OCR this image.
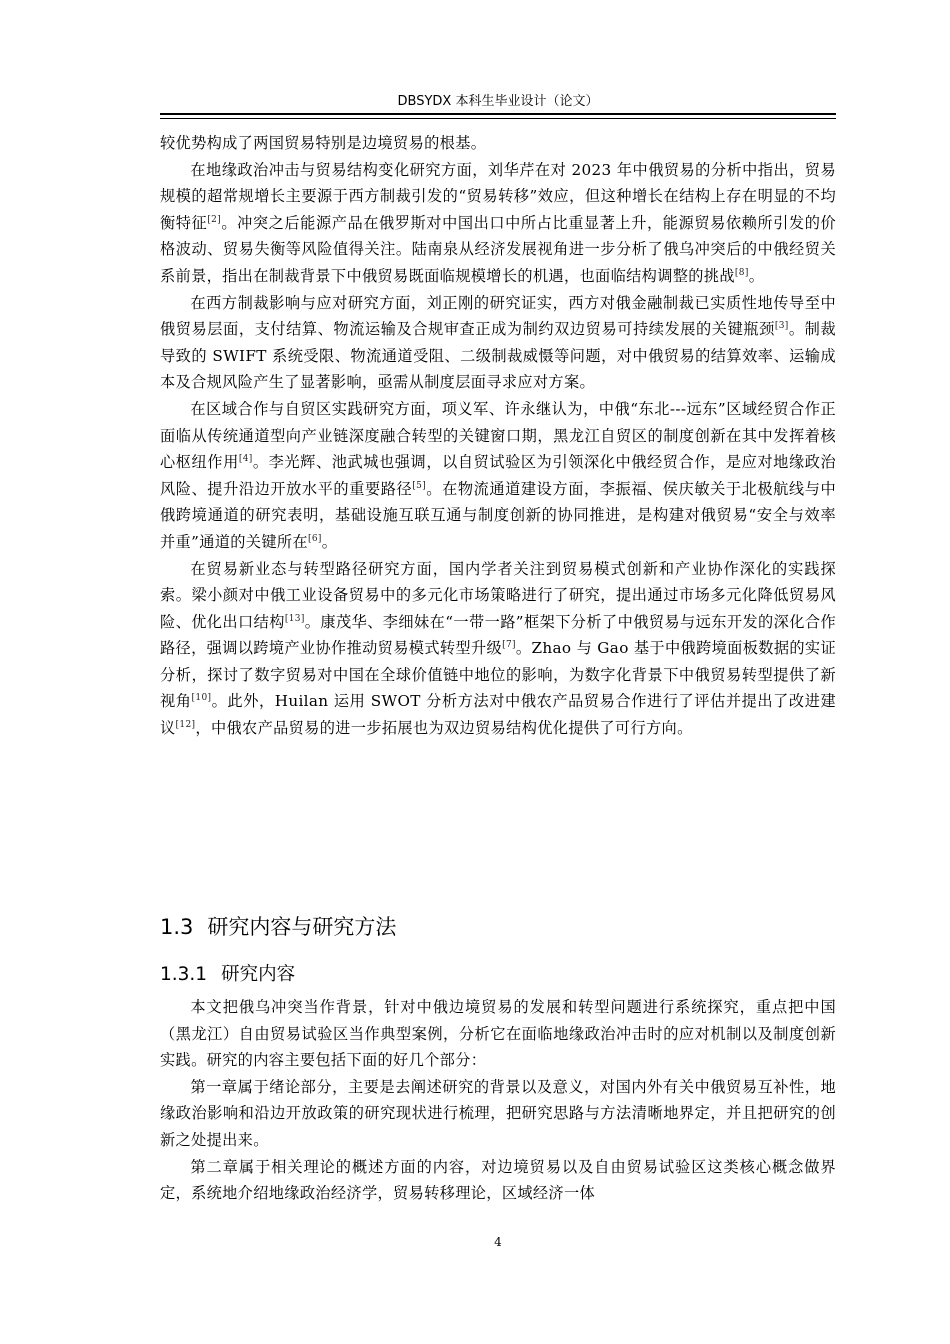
DBSYDX 本科生毕业设计（论文）

较优势构成了两国贸易特别是边境贸易的根基。

在地缘政治冲击与贸易结构变化研究方面，刘华芹在对 2023 年中俄贸易的分析中指出，贸易规模的超常规增长主要源于西方制裁引发的“贸易转移”效应，但这种增长在结构上存在明显的不均衡特征[2]。冲突之后能源产品在俄罗斯对中国出口中所占比重显著上升，能源贸易依赖所引发的价格波动、贸易失衡等风险值得关注。陆南泉从经济发展视角进一步分析了俄乌冲突后的中俄经贸关系前景，指出在制裁背景下中俄贸易既面临规模增长的机遇，也面临结构调整的挑战[8]。

在西方制裁影响与应对研究方面，刘正刚的研究证实，西方对俄金融制裁已实质性地传导至中俄贸易层面，支付结算、物流运输及合规审查正成为制约双边贸易可持续发展的关键瓶颈[3]。制裁导致的 SWIFT 系统受限、物流通道受阻、二级制裁威慑等问题，对中俄贸易的结算效率、运输成本及合规风险产生了显著影响，亟需从制度层面寻求应对方案。

在区域合作与自贸区实践研究方面，项义军、许永继认为，中俄“东北---远东”区域经贸合作正面临从传统通道型向产业链深度融合转型的关键窗口期，黑龙江自贸区的制度创新在其中发挥着核心枢纽作用[4]。李光辉、池武城也强调，以自贸试验区为引领深化中俄经贸合作，是应对地缘政治风险、提升沿边开放水平的重要路径[5]。在物流通道建设方面，李振福、侯庆敏关于北极航线与中俄跨境通道的研究表明，基础设施互联互通与制度创新的协同推进，是构建对俄贸易“安全与效率并重”通道的关键所在[6]。

在贸易新业态与转型路径研究方面，国内学者关注到贸易模式创新和产业协作深化的实践探索。梁小颜对中俄工业设备贸易中的多元化市场策略进行了研究，提出通过市场多元化降低贸易风险、优化出口结构[13]。康茂华、李细妹在“一带一路”框架下分析了中俄贸易与远东开发的深化合作路径，强调以跨境产业协作推动贸易模式转型升级[7]。Zhao 与 Gao 基于中俄跨境面板数据的实证分析，探讨了数字贸易对中国在全球价值链中地位的影响，为数字化背景下中俄贸易转型提供了新视角[10]。此外，Huilan 运用 SWOT 分析方法对中俄农产品贸易合作进行了评估并提出了改进建议[12]，中俄农产品贸易的进一步拓展也为双边贸易结构优化提供了可行方向。

1.3 研究内容与研究方法
1.3.1 研究内容

本文把俄乌冲突当作背景，针对中俄边境贸易的发展和转型问题进行系统探究，重点把中国（黑龙江）自由贸易试验区当作典型案例，分析它在面临地缘政治冲击时的应对机制以及制度创新实践。研究的内容主要包括下面的好几个部分：

第一章属于绪论部分，主要是去阐述研究的背景以及意义，对国内外有关中俄贸易互补性，地缘政治影响和沿边开放政策的研究现状进行梳理，把研究思路与方法清晰地界定，并且把研究的创新之处提出来。

第二章属于相关理论的概述方面的内容，对边境贸易以及自由贸易试验区这类核心概念做界定，系统地介绍地缘政治经济学，贸易转移理论，区域经济一体

4
